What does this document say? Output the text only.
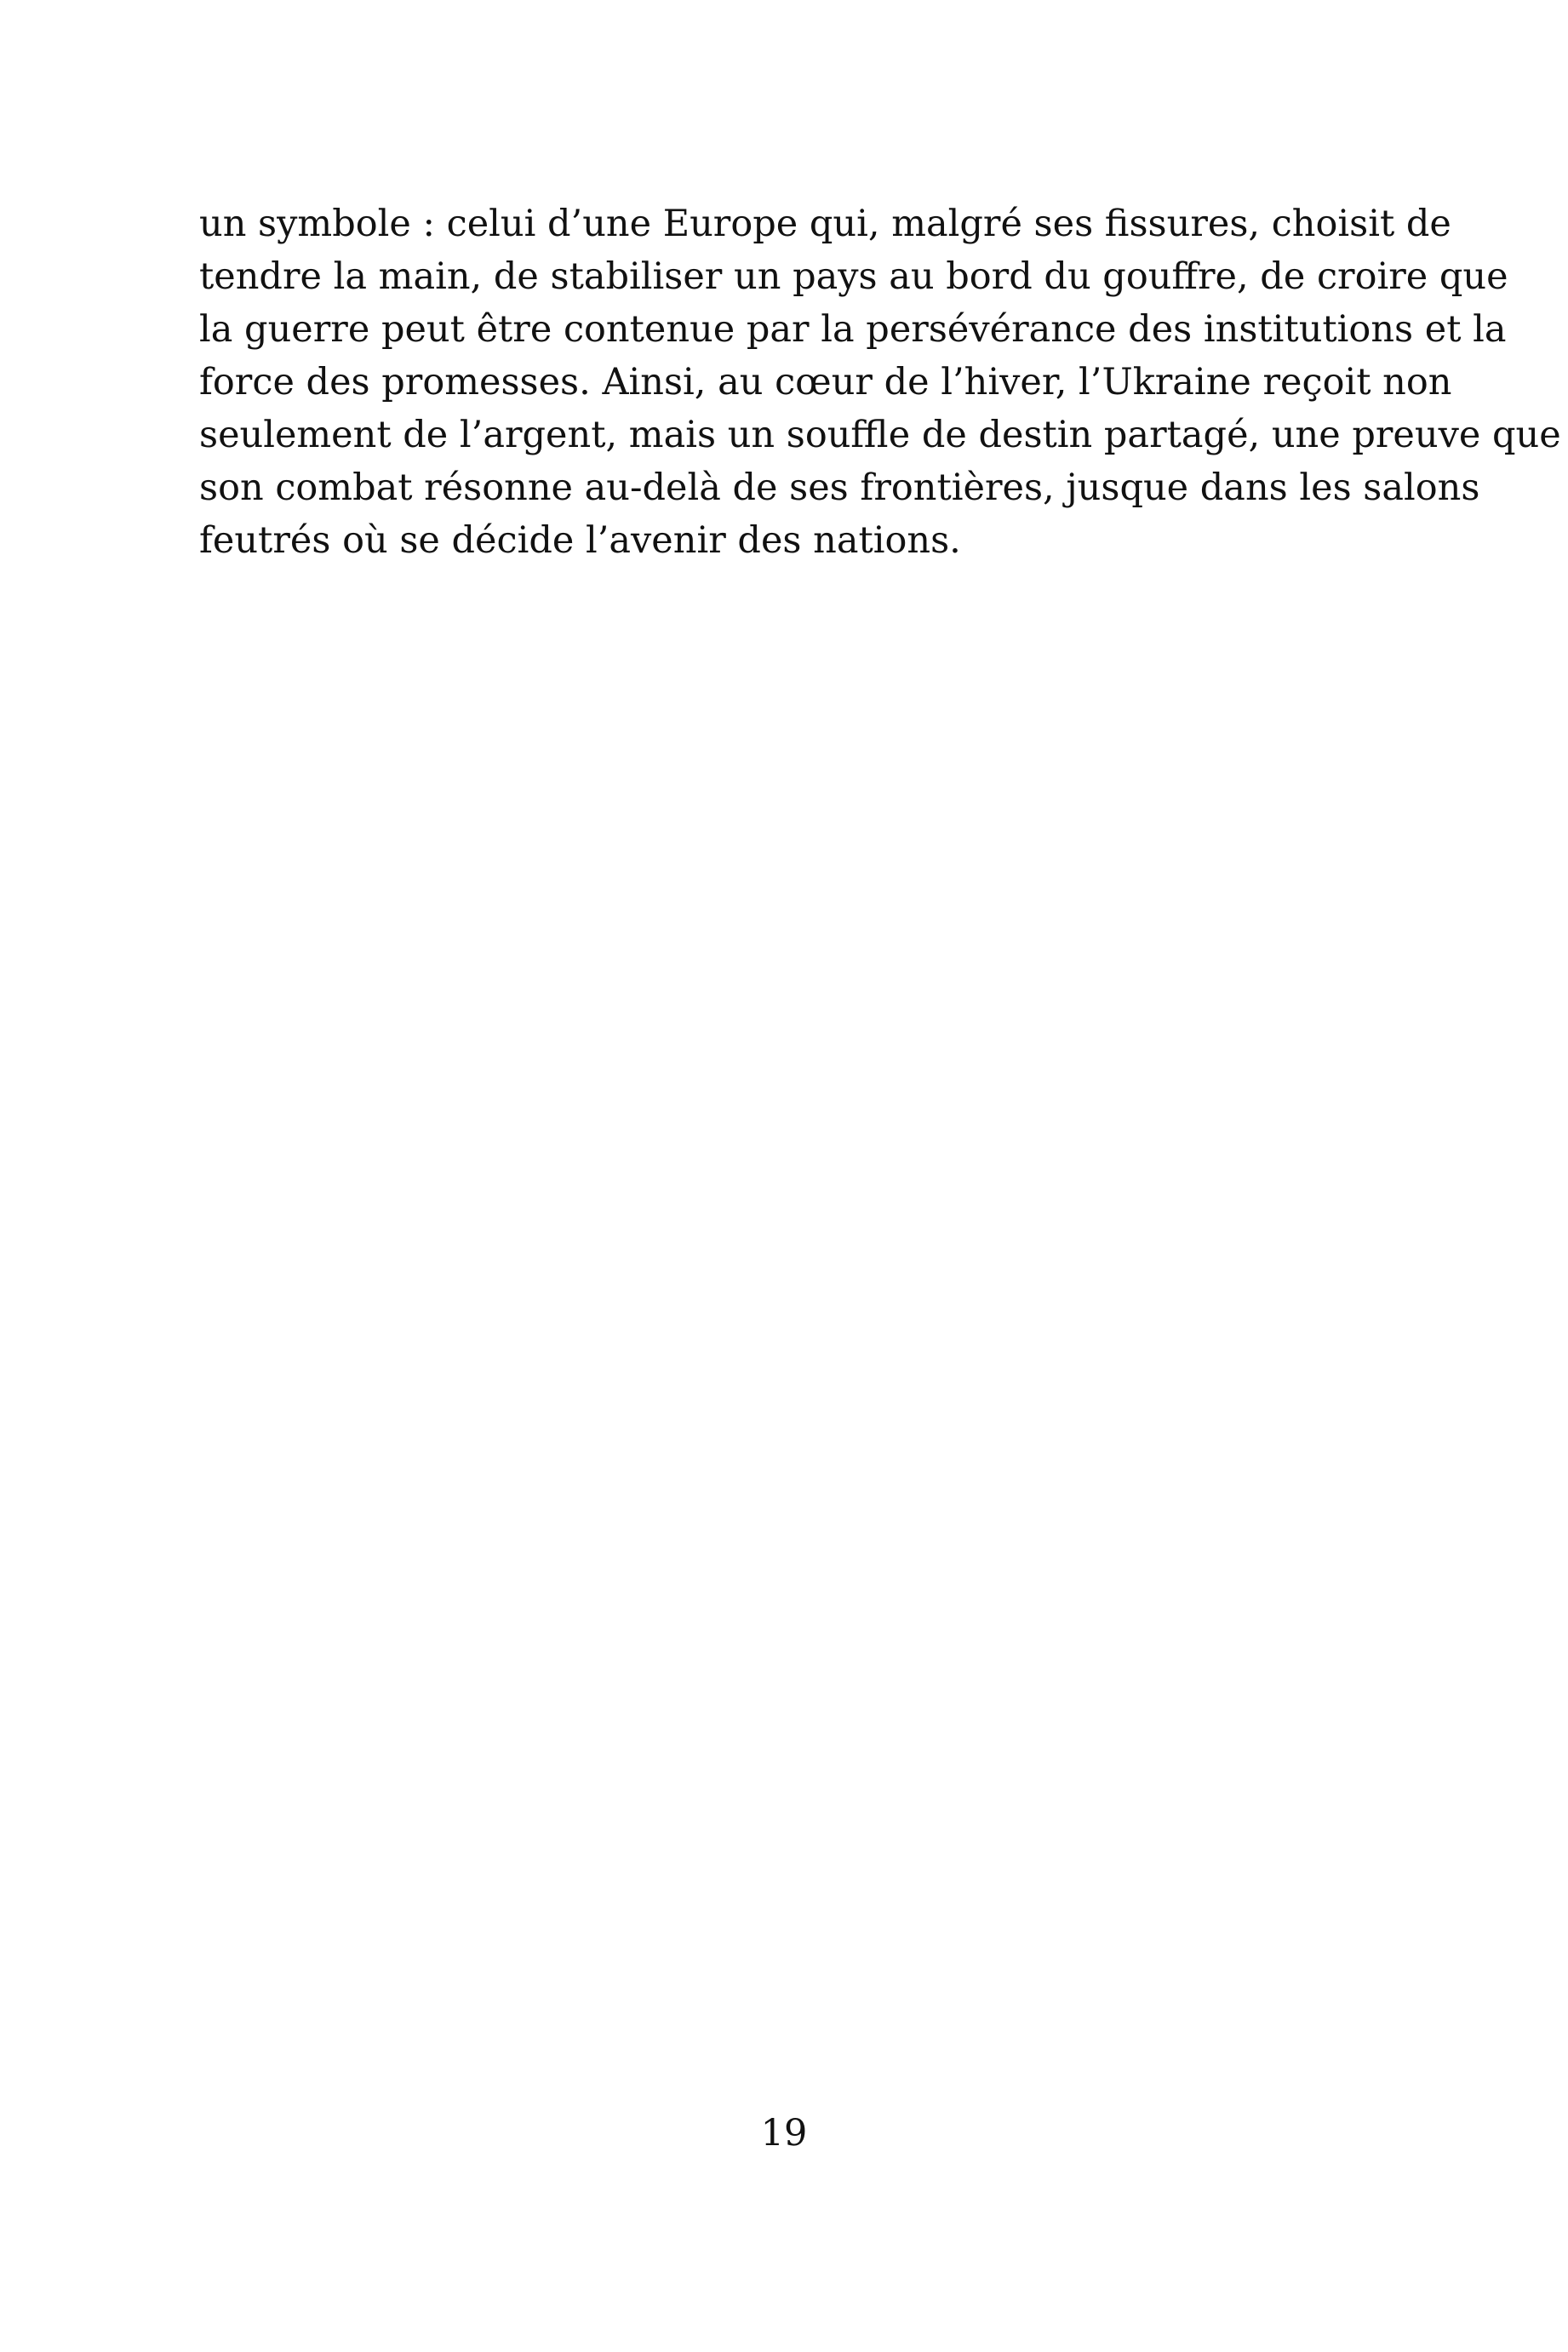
un symbole : celui d’une Europe qui, malgré ses fissures, choisit de
tendre la main, de stabiliser un pays au bord du gouffre, de croire que
la guerre peut être contenue par la persévérance des institutions et la
force des promesses. Ainsi, au cœur de l’hiver, l’Ukraine reçoit non
seulement de l’argent, mais un souffle de destin partagé, une preuve que
son combat résonne au-delà de ses frontières, jusque dans les salons
feutrés où se décide l’avenir des nations.
19
